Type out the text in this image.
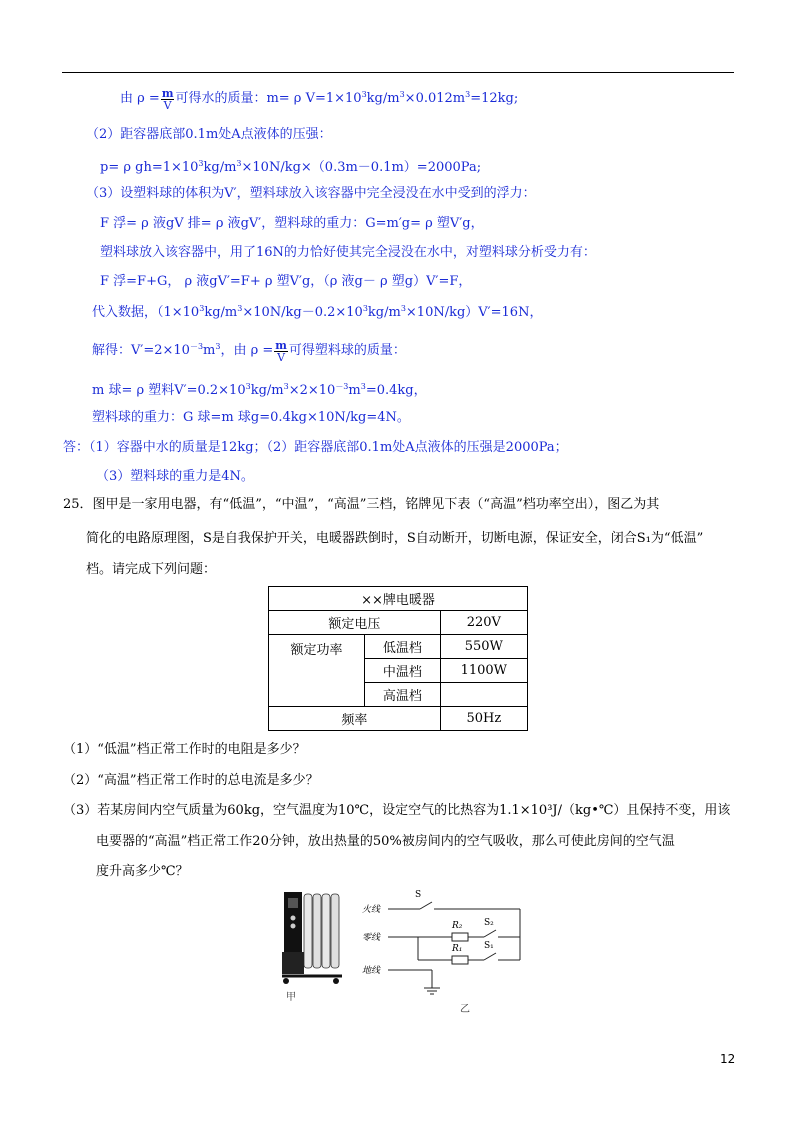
由 $\rho = \frac{m}{V}$ 可得水的质量：m= ρ $V=1\times 10^3kg/m^3\times 0.012m^3=12kg$;
（2）距容器底部0.1m处A点液体的压强：
p= ρ $gh=1\times 10^3kg/m^3\times 10N/kg\times(0.3m-0.1m)=2000Pa$;
（3）设塑料球的体积为V′，塑料球放入该容器中完全浸没在水中受到的浮力：
F 浮= ρ 液gV 排= ρ 液gV′，塑料球的重力：G=m′g= ρ 塑V′g，
塑料球放入该容器中，用了16N的力恰好使其完全浸没在水中，对塑料球分析受力有：
F 浮=F+G， ρ 液gV′=F+ ρ 塑V′g，（ρ 液g－ ρ 塑g）V′=F，
代入数据，$(1\times 10^3kg/m^3\times 10N/kg-0.2\times 10^3kg/m^3\times 10N/kg)V'=16N$，
解得：$V'=2\times 10^{-3}m^3$，由 $\rho = \frac{m}{V}$ 可得塑料球的质量：
m 球= ρ 塑料$V'=0.2\times 10^3kg/m^3\times 2\times 10^{-3}m^3=0.4kg$，
塑料球的重力：G 球=m 球g=0.4kg×10N/kg=4N。
答：（1）容器中水的质量是12kg；（2）距容器底部0.1m处A点液体的压强是2000Pa；
（3）塑料球的重力是4N。
25．图甲是一家用电器，有“低温”，“中温”，“高温”三档，铭牌见下表（“高温”档功率空出），图乙为其
简化的电路原理图，S是自我保护开关，电暖器跌倒时，S自动断开，切断电源，保证安全，闭合S₁为“低温”
档。请完成下列问题：
××牌电暖器		
额定电压		220V
额定功率	低温档	550W
	中温档	1100W
	高温档	
频率		50Hz
（1）“低温”档正常工作时的电阻是多少？
（2）“高温”档正常工作时的总电流是多少？
（3）若某房间内空气质量为60kg，空气温度为10℃，设定空气的比热容为1.1×10³J/（kg•℃）且保持不变，用该
电要器的“高温”档正常工作20分钟，放出热量的50%被房间内的空气吸收，那么可使此房间的空气温
度升高多少℃？
甲
火线
零线
地线
S
R₂ S₂
R₁ S₁
乙
12
